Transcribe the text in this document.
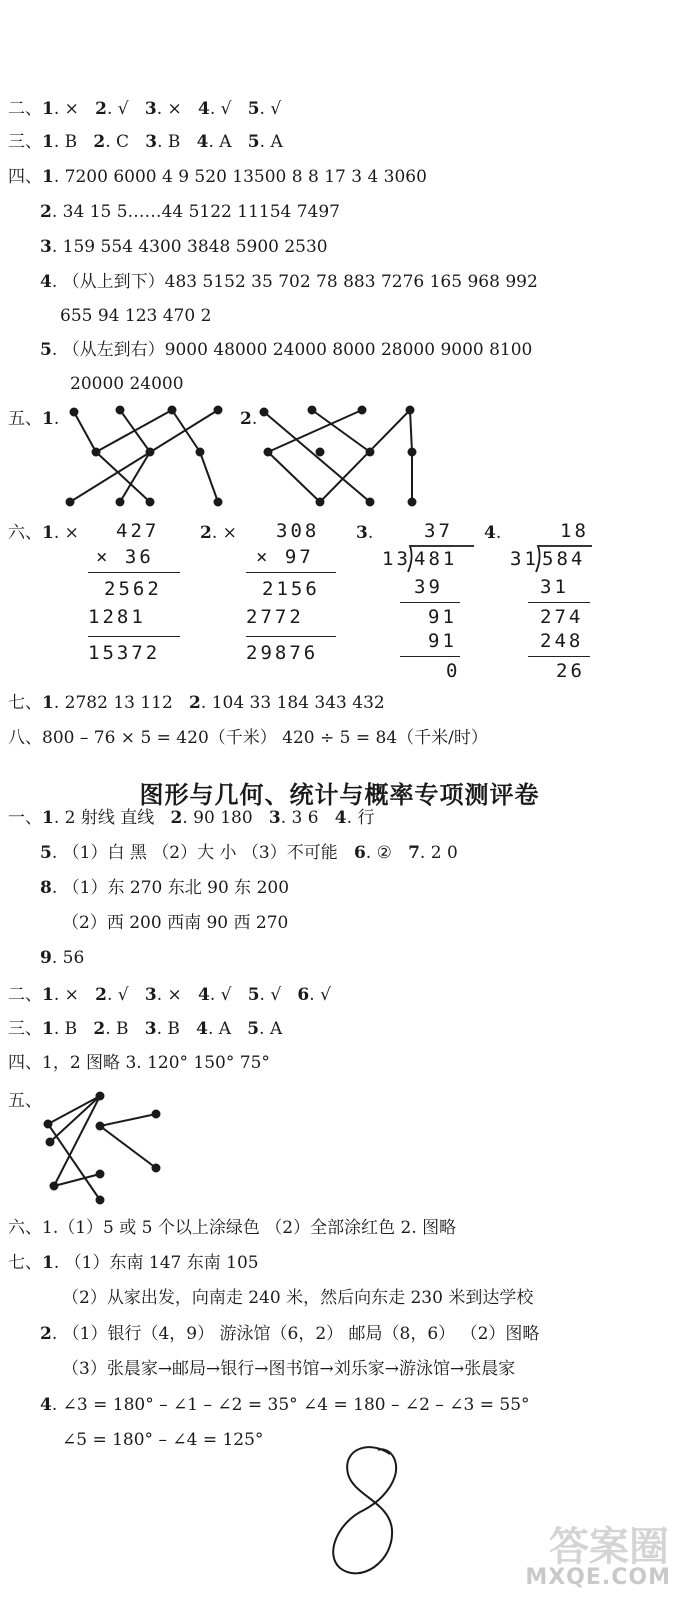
二、1. × 2. √ 3. × 4. √ 5. √
三、1. B 2. C 3. B 4. A 5. A
四、1. 7200 6000 4 9 520 13500 8 8 17 3 4 3060
2. 34 15 5……44 5122 11154 7497
3. 159 554 4300 3848 5900 2530
4. （从上到下）483 5152 35 702 78 883 7276 165 968 992
655 94 123 470 2
5. （从左到右）9000 48000 24000 8000 28000 9000 8100
20000 24000
五、1.	2.
六、1. ×	2. ×	3.	4.
427
× 36
2562
1281
15372
308
× 97
2156
2772
29876
37
13 481
39
91
91
0
18
31 584
31
274
248
26
七、1. 2782 13 112 2. 104 33 184 343 432
八、800 – 76 × 5 = 420（千米） 420 ÷ 5 = 84（千米/时）
图形与几何、统计与概率专项测评卷
一、1. 2 射线 直线 2. 90 180 3. 3 6 4. 行
5. （1）白 黑 （2）大 小 （3）不可能 6. ② 7. 2 0
8. （1）东 270 东北 90 东 200
（2）西 200 西南 90 西 270
9. 56
二、1. × 2. √ 3. × 4. √ 5. √ 6. √
三、1. B 2. B 3. B 4. A 5. A
四、1，2 图略 3. 120° 150° 75°
五、
六、1.（1）5 或 5 个以上涂绿色 （2）全部涂红色 2. 图略
七、1. （1）东南 147 东南 105
（2）从家出发，向南走 240 米，然后向东走 230 米到达学校
2. （1）银行（4，9） 游泳馆（6，2） 邮局（8，6） （2）图略
（3）张晨家→邮局→银行→图书馆→刘乐家→游泳馆→张晨家
4. ∠3 = 180° – ∠1 – ∠2 = 35° ∠4 = 180 – ∠2 – ∠3 = 55°
∠5 = 180° – ∠4 = 125°
答案圈
MXQE.COM
